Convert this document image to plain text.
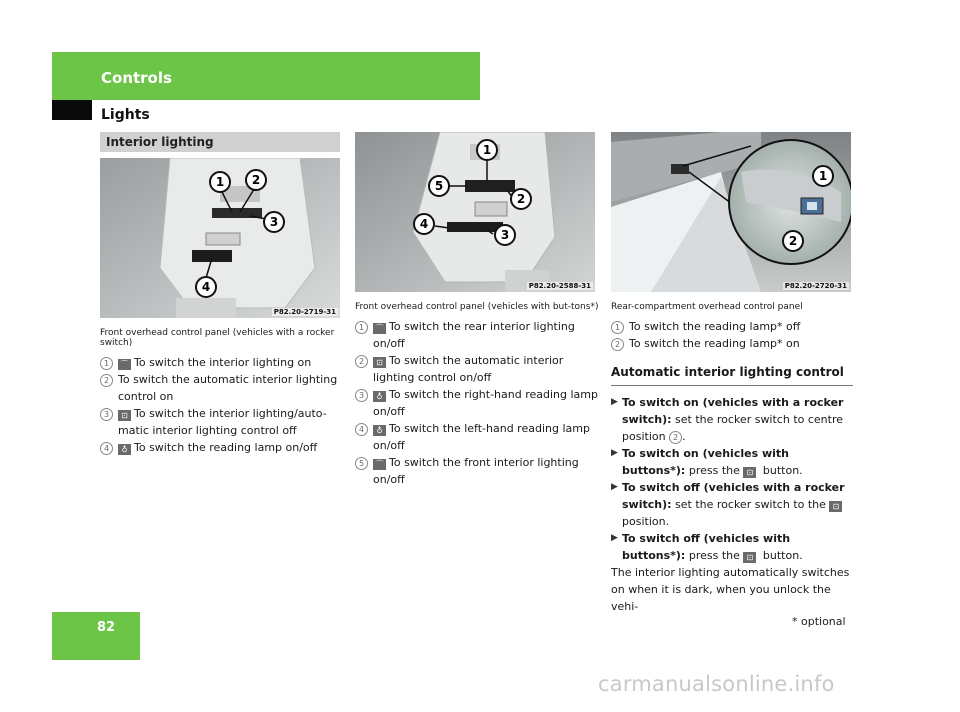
Controls
Lights
Interior lighting
1 2
3
4
P82.20-2719-31
1
2
3
4
5
P82.20-2588-31
1
2
P82.20-2720-31
Front overhead control panel (vehicles with a rocker switch)
1	⌒ To switch the interior lighting on
2 To switch the automatic interior lighting control on
3	⊡ To switch the interior lighting/auto-matic interior lighting control off
4	♁ To switch the reading lamp on/off
Front overhead control panel (vehicles with but-tons*)
1	⌒ To switch the rear interior lighting on/off
2	⊡ To switch the automatic interior lighting control on/off
3	♁ To switch the right-hand reading lamp on/off
4	♁ To switch the left-hand reading lamp on/off
5	⌒ To switch the front interior lighting on/off
Rear-compartment overhead control panel
1 To switch the reading lamp* off
2 To switch the reading lamp* on
Automatic interior lighting control
▶ To switch on (vehicles with a rocker switch): set the rocker switch to centre position 2 .
▶ To switch on (vehicles with buttons*): press the ⊡ button.
▶ To switch off (vehicles with a rocker switch): set the rocker switch to the ⊡ position.
▶ To switch off (vehicles with buttons*): press the ⊡ button.
The interior lighting automatically switches on when it is dark, when you unlock the vehi-
82	* optional
carmanualsonline.info
